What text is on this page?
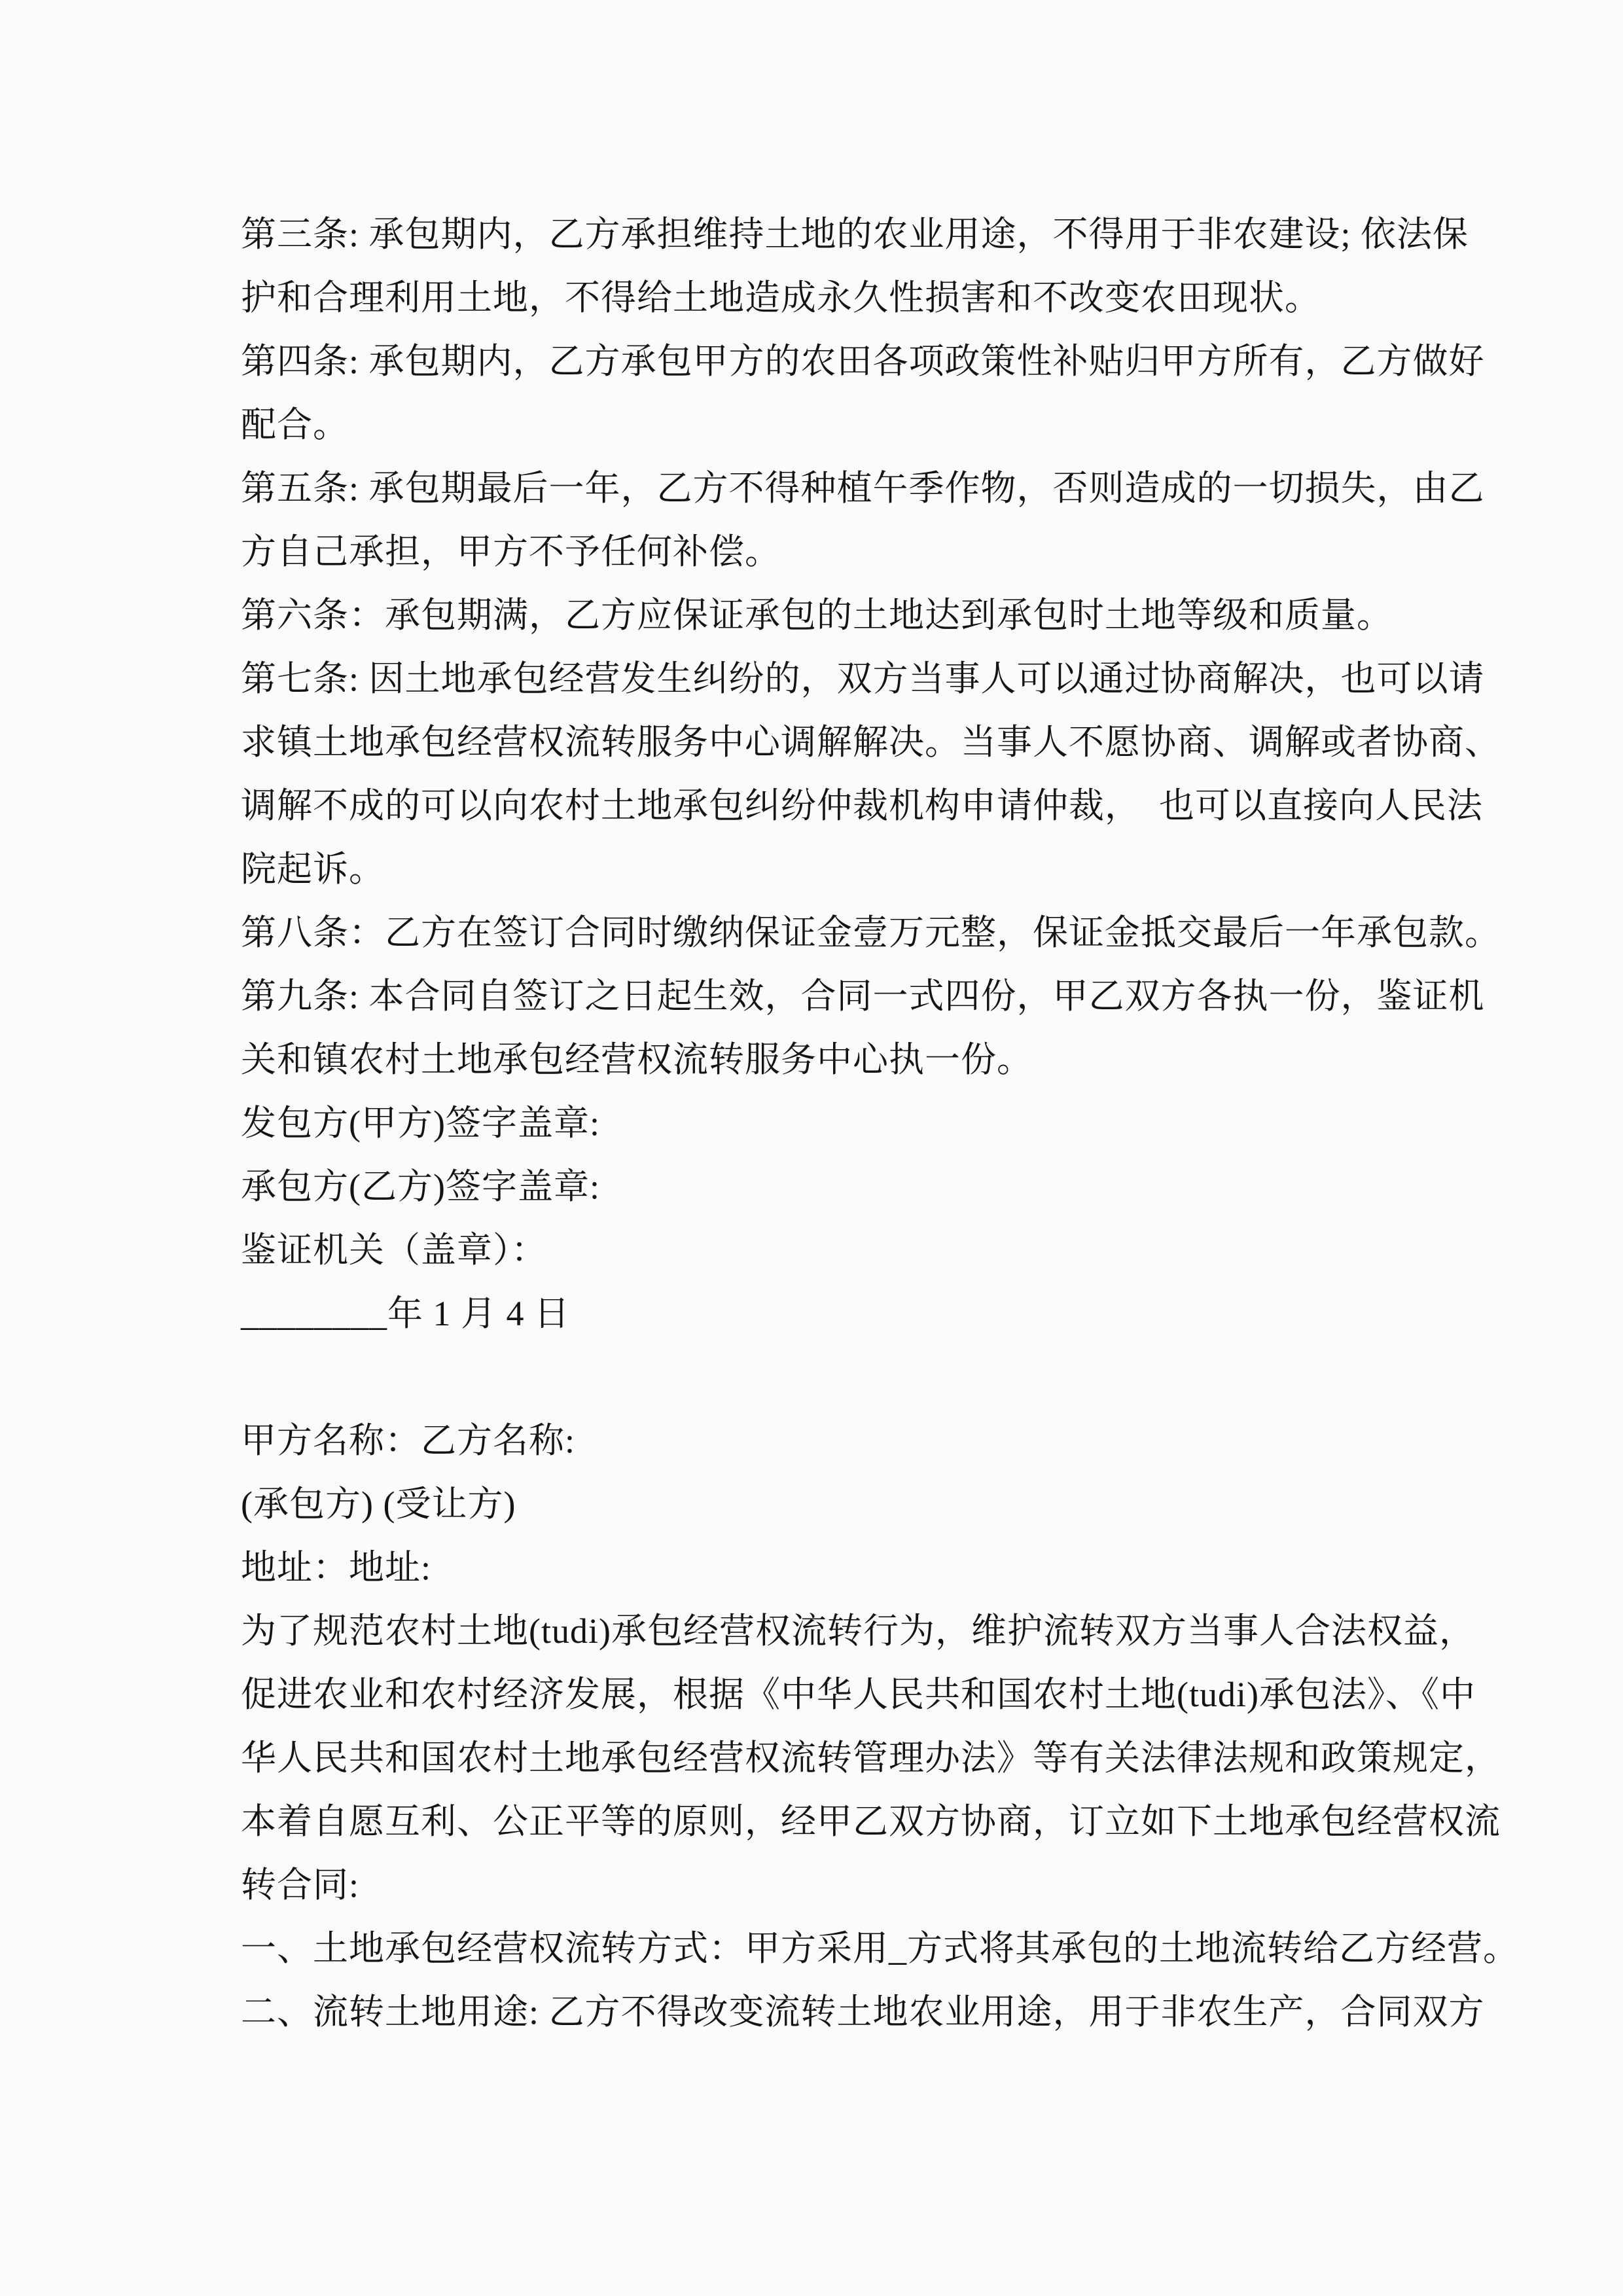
第三条: 承包期内，乙方承担维持土地的农业用途，不得用于非农建设; 依法保
护和合理利用土地，不得给土地造成永久性损害和不改变农田现状。
第四条: 承包期内，乙方承包甲方的农田各项政策性补贴归甲方所有，乙方做好
配合。
第五条: 承包期最后一年，乙方不得种植午季作物，否则造成的一切损失，由乙
方自己承担，甲方不予任何补偿。
第六条：承包期满，乙方应保证承包的土地达到承包时土地等级和质量。
第七条: 因土地承包经营发生纠纷的，双方当事人可以通过协商解决，也可以请
求镇土地承包经营权流转服务中心调解解决。当事人不愿协商、调解或者协商、
调解不成的可以向农村土地承包纠纷仲裁机构申请仲裁，　也可以直接向人民法
院起诉。
第八条：乙方在签订合同时缴纳保证金壹万元整，保证金抵交最后一年承包款。
第九条: 本合同自签订之日起生效，合同一式四份，甲乙双方各执一份，鉴证机
关和镇农村土地承包经营权流转服务中心执一份。
发包方(甲方)签字盖章:
承包方(乙方)签字盖章:
鉴证机关（盖章）：
________年 1 月 4 日
甲方名称：乙方名称:
(承包方) (受让方)
地址：地址:
为了规范农村土地(tudi)承包经营权流转行为，维护流转双方当事人合法权益，
促进农业和农村经济发展，根据《中华人民共和国农村土地(tudi)承包法》、《中
华人民共和国农村土地承包经营权流转管理办法》等有关法律法规和政策规定，
本着自愿互利、公正平等的原则，经甲乙双方协商，订立如下土地承包经营权流
转合同:
一、土地承包经营权流转方式：甲方采用_方式将其承包的土地流转给乙方经营。
二、流转土地用途: 乙方不得改变流转土地农业用途，用于非农生产，合同双方
